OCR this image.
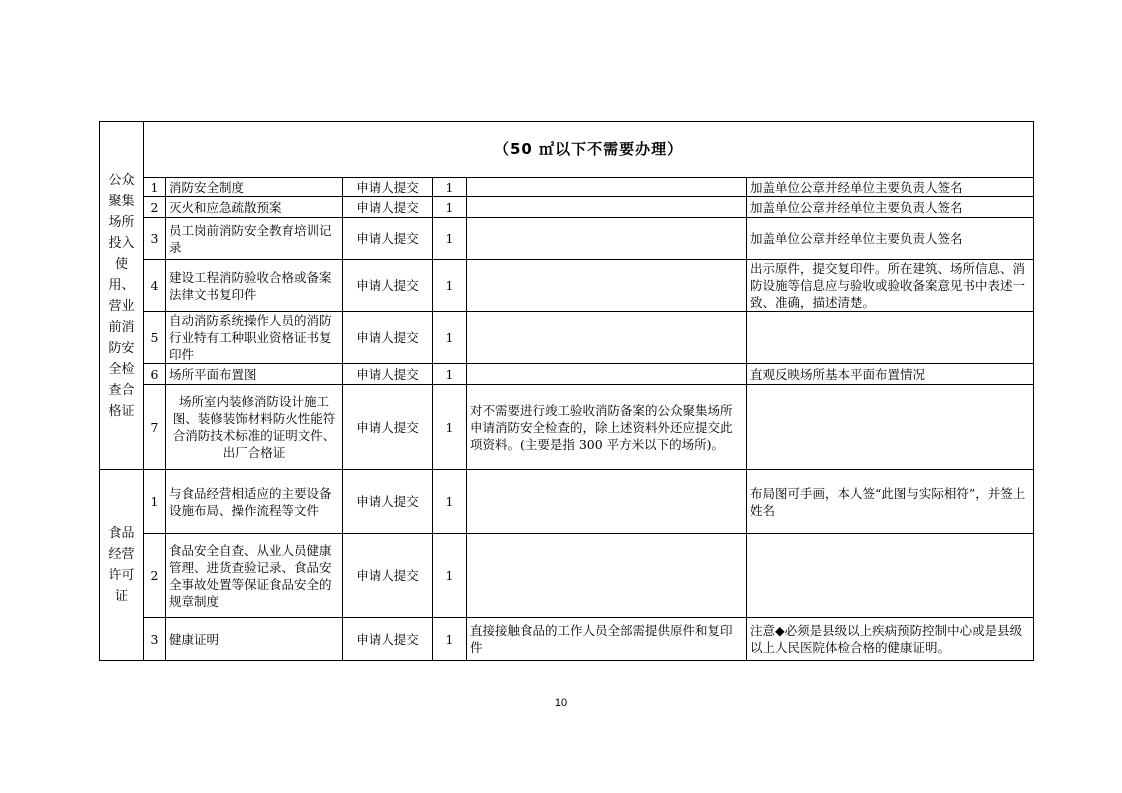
公众聚集场所投入使用、营业前消防安全检查合格证	（50 ㎡以下不需要办理）					
	1	消防安全制度	申请人提交	1		加盖单位公章并经单位主要负责人签名
	2	灭火和应急疏散预案	申请人提交	1		加盖单位公章并经单位主要负责人签名
	3	员工岗前消防安全教育培训记录	申请人提交	1		加盖单位公章并经单位主要负责人签名
	4	建设工程消防验收合格或备案法律文书复印件	申请人提交	1		出示原件，提交复印件。所在建筑、场所信息、消防设施等信息应与验收或验收备案意见书中表述一致、准确，描述清楚。
	5	自动消防系统操作人员的消防行业特有工种职业资格证书复印件	申请人提交	1		
	6	场所平面布置图	申请人提交	1		直观反映场所基本平面布置情况
	7	场所室内装修消防设计施工图、装修装饰材料防火性能符合消防技术标准的证明文件、出厂合格证	申请人提交	1	对不需要进行竣工验收消防备案的公众聚集场所申请消防安全检查的，除上述资料外还应提交此项资料。(主要是指 300 平方米以下的场所)。	
食品经营许可证	1	与食品经营相适应的主要设备设施布局、操作流程等文件	申请人提交	1		布局图可手画，本人签“此图与实际相符”，并签上姓名
	2	食品安全自查、从业人员健康管理、进货查验记录、食品安全事故处置等保证食品安全的规章制度	申请人提交	1		
	3	健康证明	申请人提交	1	直接接触食品的工作人员全部需提供原件和复印件	注意◆必须是县级以上疾病预防控制中心或是县级以上人民医院体检合格的健康证明。
10
